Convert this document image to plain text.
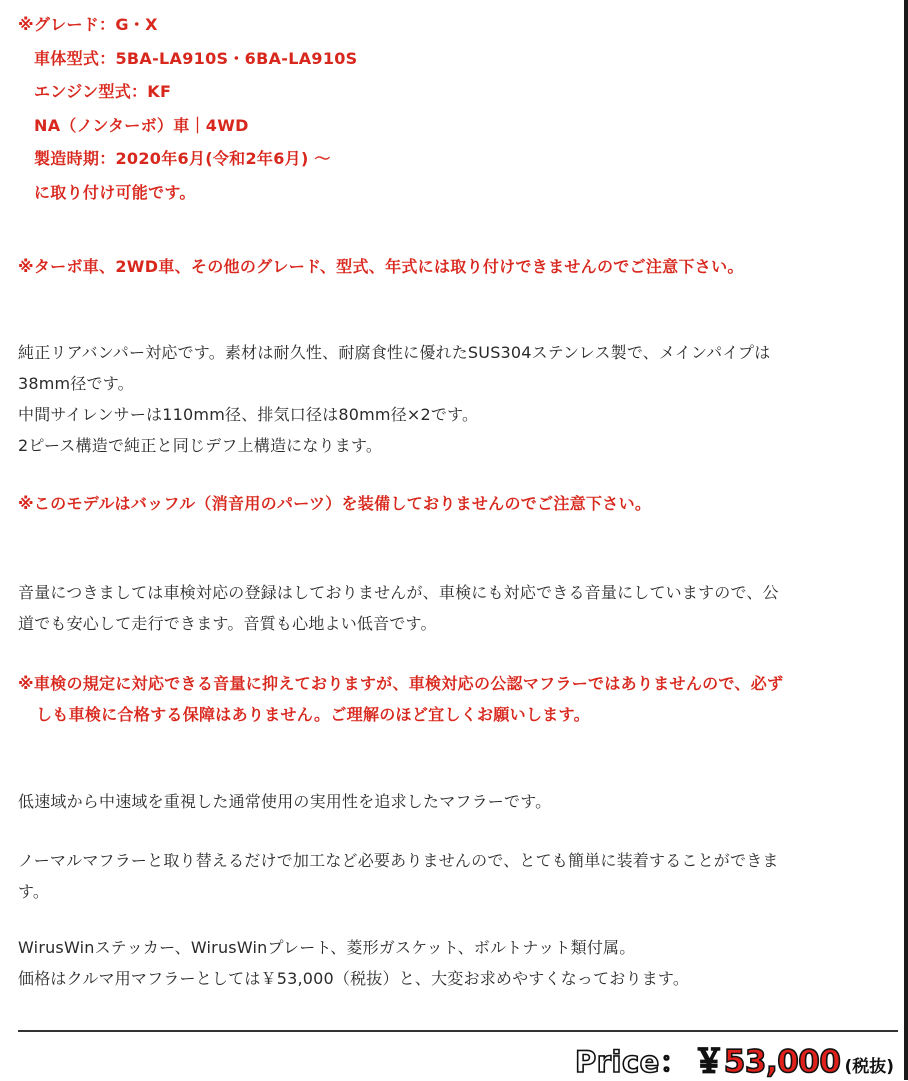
※グレード：G・X
車体型式：5BA-LA910S・6BA-LA910S
エンジン型式：KF
NA（ノンターボ）車｜4WD
製造時期：2020年6月(令和2年6月) 〜
に取り付け可能です。
※ターボ車、2WD車、その他のグレード、型式、年式には取り付けできませんのでご注意下さい。
純正リアバンパー対応です。素材は耐久性、耐腐食性に優れたSUS304ステンレス製で、メインパイプは
38mm径です。
中間サイレンサーは110mm径、排気口径は80mm径×2です。
2ピース構造で純正と同じデフ上構造になります。
※このモデルはバッフル（消音用のパーツ）を装備しておりませんのでご注意下さい。
音量につきましては車検対応の登録はしておりませんが、車検にも対応できる音量にしていますので、公
道でも安心して走行できます。音質も心地よい低音です。
※車検の規定に対応できる音量に抑えておりますが、車検対応の公認マフラーではありませんので、必ず
しも車検に合格する保障はありません。ご理解のほど宜しくお願いします。
低速域から中速域を重視した通常使用の実用性を追求したマフラーです。
ノーマルマフラーと取り替えるだけで加工など必要ありませんので、とても簡単に装着することができま
す。
WirusWinステッカー、WirusWinプレート、菱形ガスケット、ボルトナット類付属。
価格はクルマ用マフラーとしては￥53,000（税抜）と、大変お求めやすくなっております。
Price： ￥53,000 (税抜)
